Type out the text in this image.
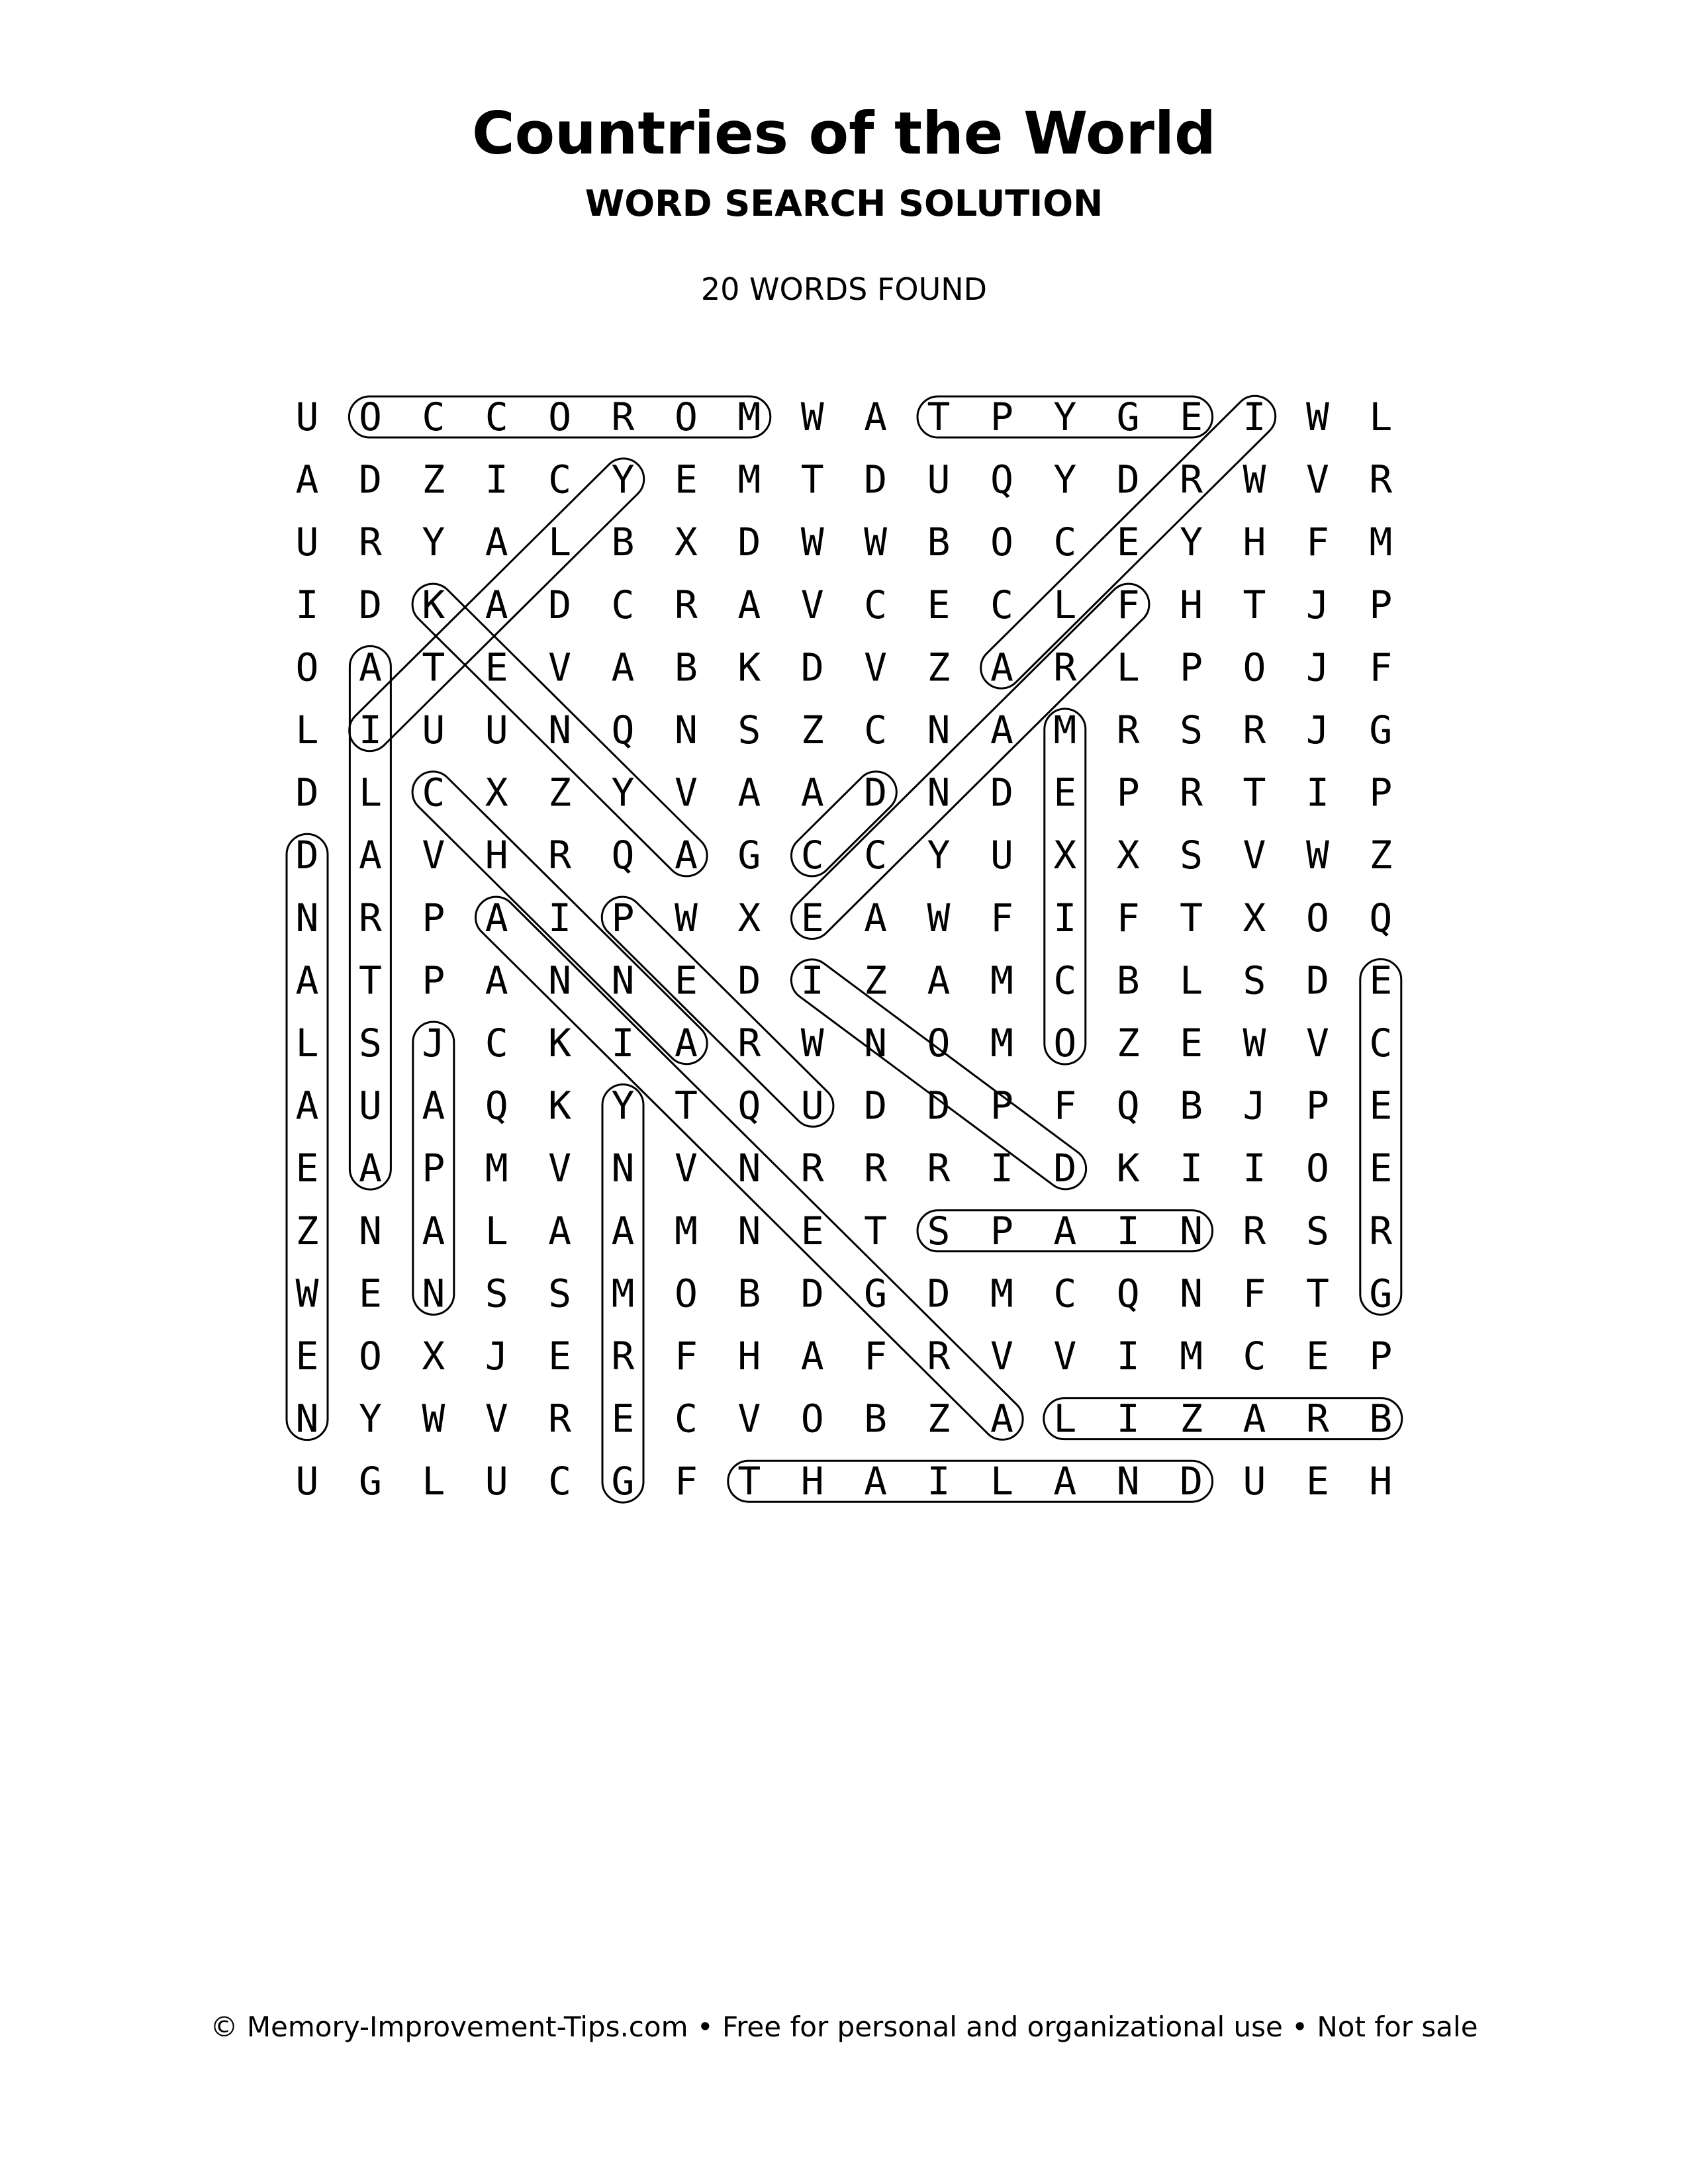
Countries of the World
WORD SEARCH SOLUTION
20 WORDS FOUND
U O C C O R O M W A T P Y G E I W L
A D Z I C Y E M T D U Q Y D R W V R
U R Y A L B X D W W B O C E Y H F M
I D K A D C R A V C E C L F H T J P
O A T E V A B K D V Z A R L P O J F
L I U U N Q N S Z C N A M R S R J G
D L C X Z Y V A A D N D E P R T I P
D A V H R Q A G C C Y U X X S V W Z
N R P A I P W X E A W F I F T X O Q
A T P A N N E D I Z A M C B L S D E
L S J C K I A R W N O M O Z E W V C
A U A Q K Y T Q U D D P F Q B J P E
E A P M V N V N R R R I D K I I O E
Z N A L A A M N E T S P A I N R S R
W E N S S M O B D G D M C Q N F T G
E O X J E R F H A F R V V I M C E P
N Y W V R E C V O B Z A L I Z A R B
U G L U C G F T H A I L A N D U E H
© Memory-Improvement-Tips.com • Free for personal and organizational use • Not for sale
